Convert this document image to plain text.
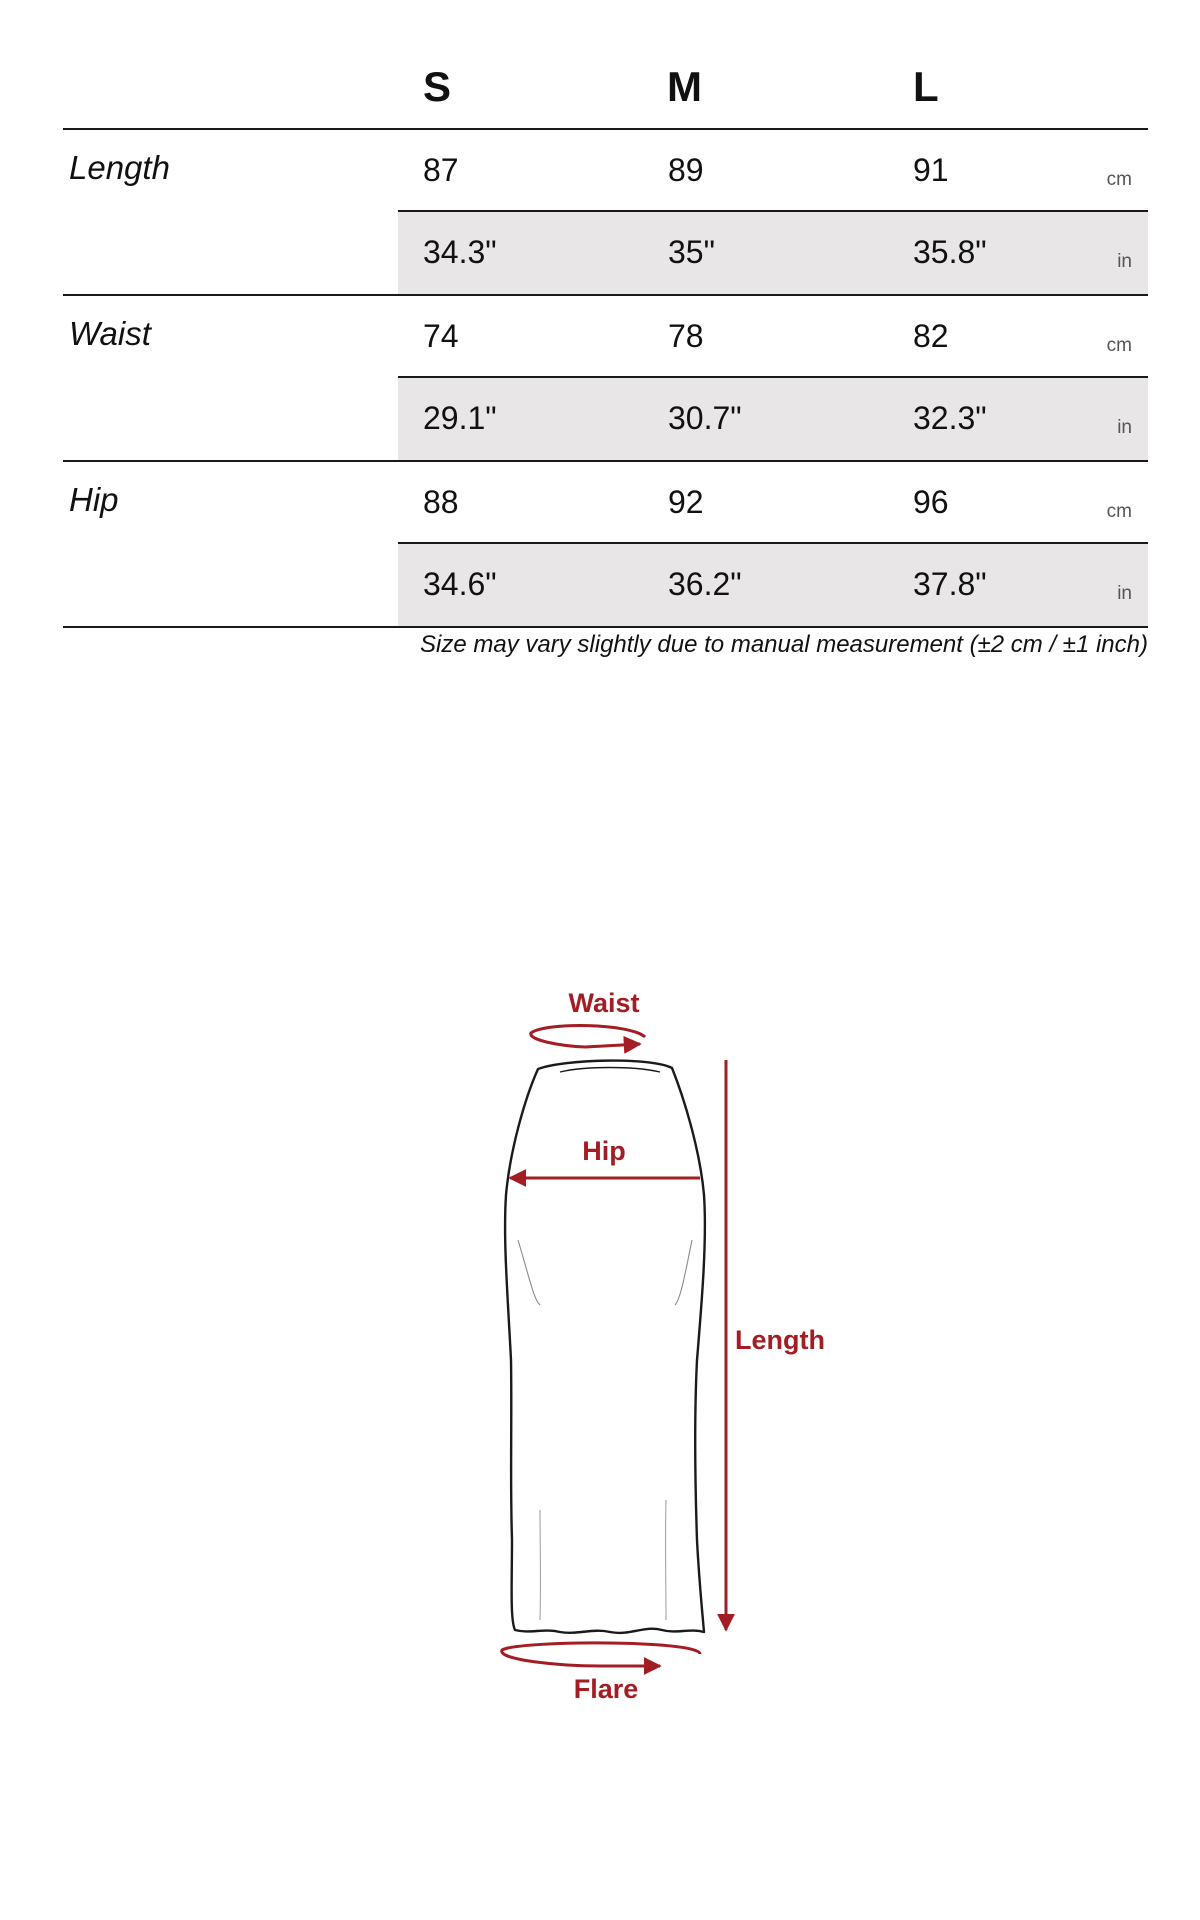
S	M	L
Length	87	89	91	cm
34.3"	35"	35.8"	in
Waist	74	78	82	cm
29.1"	30.7"	32.3"	in
Hip	88	92	96	cm
34.6"	36.2"	37.8"	in
Size may vary slightly due to manual measurement (±2 cm / ±1 inch)
Waist
Hip
Length
Flare
